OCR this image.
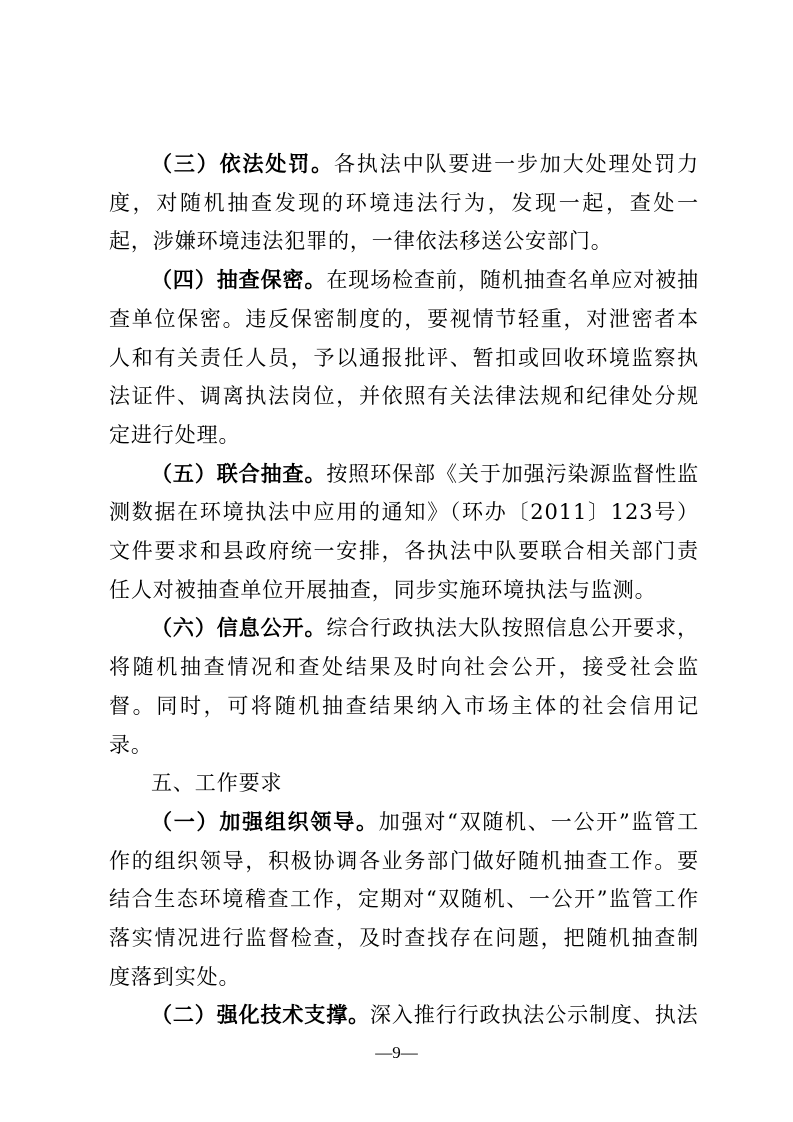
（三）依法处罚。各执法中队要进一步加大处理处罚力度，对随机抽查发现的环境违法行为，发现一起，查处一起，涉嫌环境违法犯罪的，一律依法移送公安部门。

（四）抽查保密。在现场检查前，随机抽查名单应对被抽查单位保密。违反保密制度的，要视情节轻重，对泄密者本人和有关责任人员，予以通报批评、暂扣或回收环境监察执法证件、调离执法岗位，并依照有关法律法规和纪律处分规定进行处理。

（五）联合抽查。按照环保部《关于加强污染源监督性监测数据在环境执法中应用的通知》（环办〔2011〕123号）文件要求和县政府统一安排，各执法中队要联合相关部门责任人对被抽查单位开展抽查，同步实施环境执法与监测。

（六）信息公开。综合行政执法大队按照信息公开要求，将随机抽查情况和查处结果及时向社会公开，接受社会监督。同时，可将随机抽查结果纳入市场主体的社会信用记录。

五、工作要求

（一）加强组织领导。加强对“双随机、一公开”监管工作的组织领导，积极协调各业务部门做好随机抽查工作。要结合生态环境稽查工作，定期对“双随机、一公开”监管工作落实情况进行监督检查，及时查找存在问题，把随机抽查制度落到实处。

（二）强化技术支撑。深入推行行政执法公示制度、执法

—9—
